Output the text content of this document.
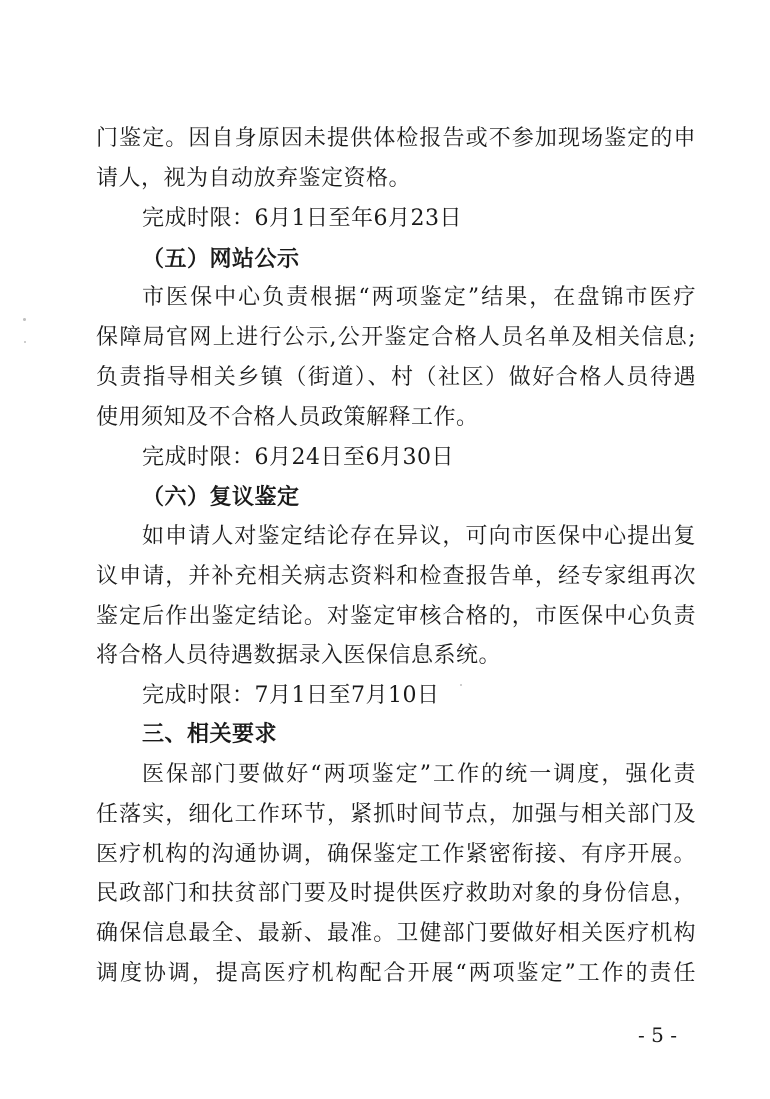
门鉴定。因自身原因未提供体检报告或不参加现场鉴定的申
请人，视为自动放弃鉴定资格。
完成时限：6月1日至年6月23日
（五）网站公示
市医保中心负责根据“两项鉴定”结果，在盘锦市医疗
保障局官网上进行公示,公开鉴定合格人员名单及相关信息;
负责指导相关乡镇（街道）、村（社区）做好合格人员待遇
使用须知及不合格人员政策解释工作。
完成时限：6月24日至6月30日
（六）复议鉴定
如申请人对鉴定结论存在异议，可向市医保中心提出复
议申请，并补充相关病志资料和检查报告单，经专家组再次
鉴定后作出鉴定结论。对鉴定审核合格的，市医保中心负责
将合格人员待遇数据录入医保信息系统。
完成时限：7月1日至7月10日
三、相关要求
医保部门要做好“两项鉴定”工作的统一调度，强化责
任落实，细化工作环节，紧抓时间节点，加强与相关部门及
医疗机构的沟通协调，确保鉴定工作紧密衔接、有序开展。
民政部门和扶贫部门要及时提供医疗救助对象的身份信息，
确保信息最全、最新、最准。卫健部门要做好相关医疗机构
调度协调，提高医疗机构配合开展“两项鉴定”工作的责任
- 5 -
